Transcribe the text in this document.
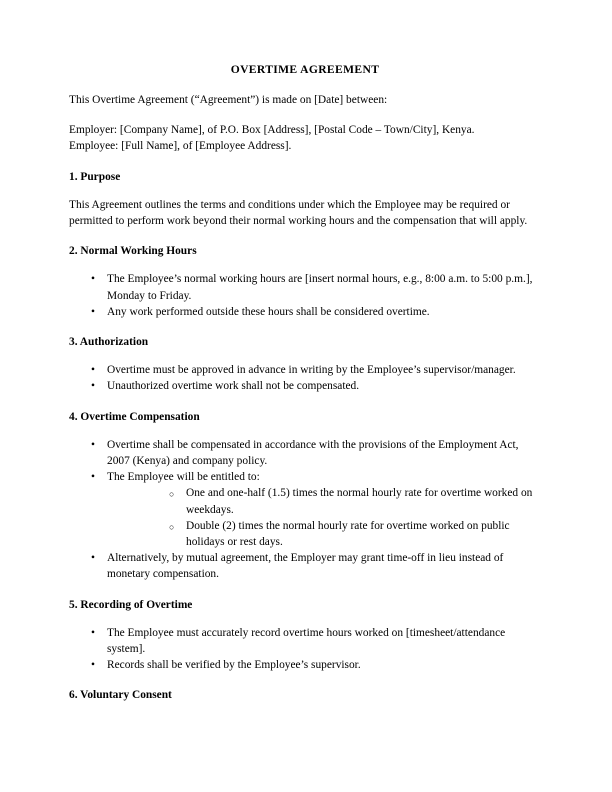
OVERTIME AGREEMENT

This Overtime Agreement (“Agreement”) is made on [Date] between:

Employer: [Company Name], of P.O. Box [Address], [Postal Code – Town/City], Kenya.

Employee: [Full Name], of [Employee Address].

1. Purpose

This Agreement outlines the terms and conditions under which the Employee may be required or permitted to perform work beyond their normal working hours and the compensation that will apply.

2. Normal Working Hours
• The Employee’s normal working hours are [insert normal hours, e.g., 8:00 a.m. to 5:00 p.m.], Monday to Friday.
• Any work performed outside these hours shall be considered overtime.
3. Authorization
• Overtime must be approved in advance in writing by the Employee’s supervisor/manager.
• Unauthorized overtime work shall not be compensated.
4. Overtime Compensation
• Overtime shall be compensated in accordance with the provisions of the Employment Act, 2007 (Kenya) and company policy.
• The Employee will be entitled to:
○ One and one-half (1.5) times the normal hourly rate for overtime worked on weekdays.
○ Double (2) times the normal hourly rate for overtime worked on public holidays or rest days.
• Alternatively, by mutual agreement, the Employer may grant time-off in lieu instead of monetary compensation.
5. Recording of Overtime
• The Employee must accurately record overtime hours worked on [timesheet/attendance system].
• Records shall be verified by the Employee’s supervisor.
6. Voluntary Consent
